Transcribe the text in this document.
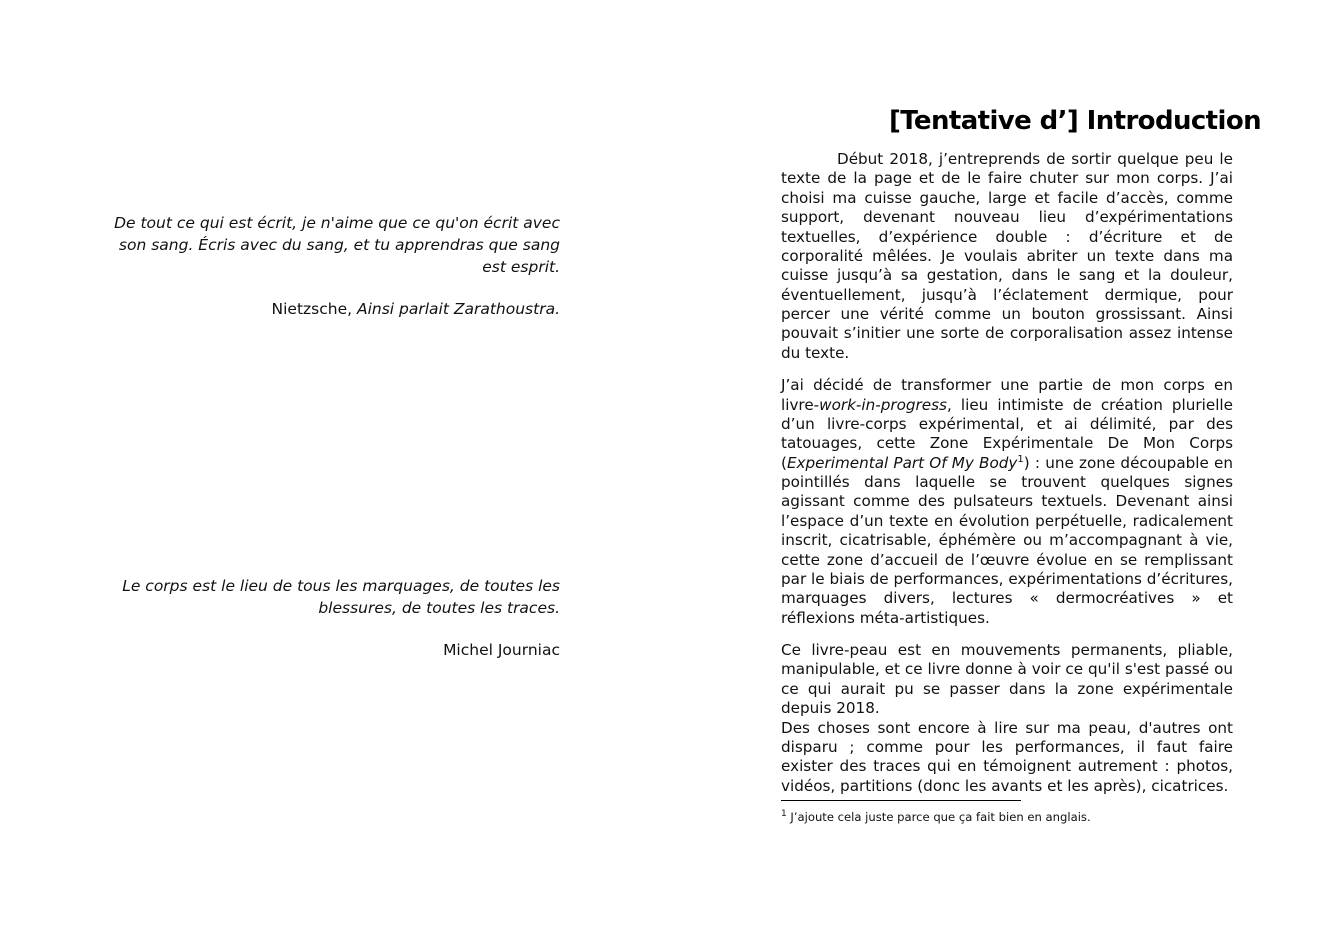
De tout ce qui est écrit, je n'aime que ce qu'on écrit avec son sang. Écris avec du sang, et tu apprendras que sang est esprit.
Nietzsche, Ainsi parlait Zarathoustra.
Le corps est le lieu de tous les marquages, de toutes les blessures, de toutes les traces.
Michel Journiac
[Tentative d’] Introduction

Début 2018, j’entreprends de sortir quelque peu le texte de la page et de le faire chuter sur mon corps. J’ai choisi ma cuisse gauche, large et facile d’accès, comme support, devenant nouveau lieu d’expérimentations textuelles, d’expérience double : d’écriture et de corporalité mêlées. Je voulais abriter un texte dans ma cuisse jusqu’à sa gestation, dans le sang et la douleur, éventuellement, jusqu’à l’éclatement dermique, pour percer une vérité comme un bouton grossissant. Ainsi pouvait s’initier une sorte de corporalisation assez intense du texte.

J’ai décidé de transformer une partie de mon corps en livre-work-in-progress, lieu intimiste de création plurielle d’un livre-corps expérimental, et ai délimité, par des tatouages, cette Zone Expérimentale De Mon Corps (Experimental Part Of My Body$^1$) : une zone découpable en pointillés dans laquelle se trouvent quelques signes agissant comme des pulsateurs textuels. Devenant ainsi l’espace d’un texte en évolution perpétuelle, radicalement inscrit, cicatrisable, éphémère ou m’accompagnant à vie, cette zone d’accueil de l’œuvre évolue en se remplissant par le biais de performances, expérimentations d’écritures, marquages divers, lectures « dermocréatives » et réflexions méta-artistiques.

Ce livre-peau est en mouvements permanents, pliable, manipulable, et ce livre donne à voir ce qu'il s'est passé ou ce qui aurait pu se passer dans la zone expérimentale depuis 2018.

Des choses sont encore à lire sur ma peau, d'autres ont disparu ; comme pour les performances, il faut faire exister des traces qui en témoignent autrement : photos, vidéos, partitions (donc les avants et les après), cicatrices.

$^1$ J’ajoute cela juste parce que ça fait bien en anglais.
